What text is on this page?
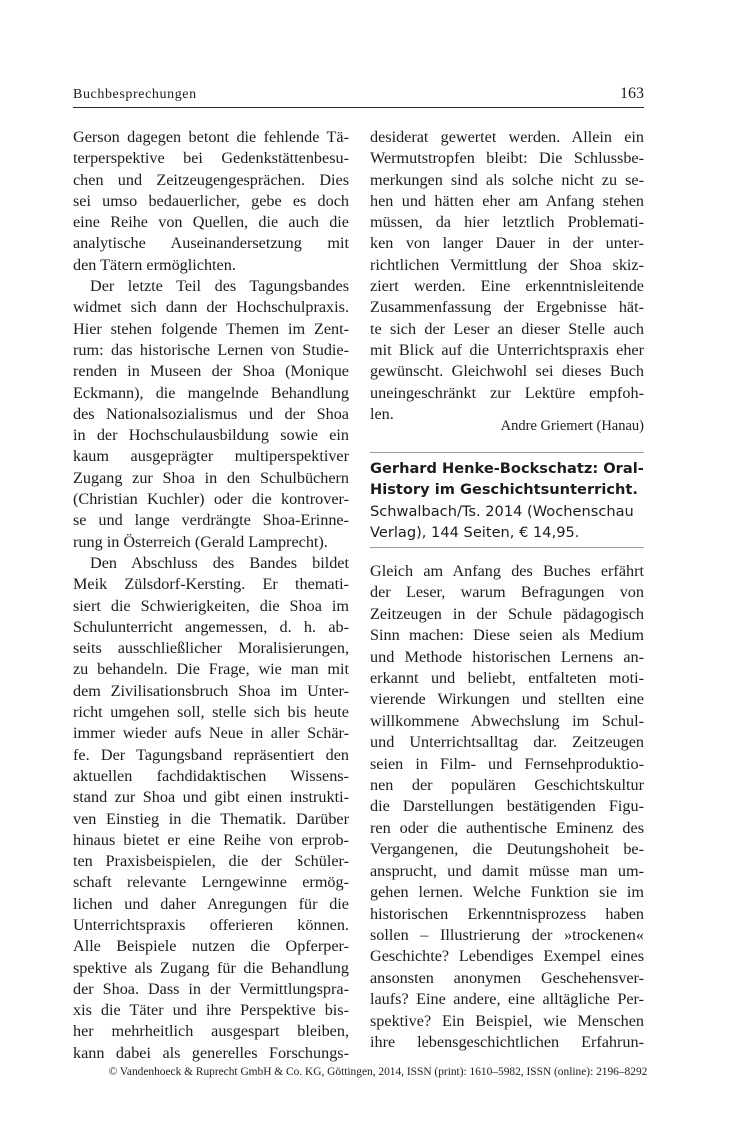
Buchbesprechungen	163
Gerson dagegen betont die fehlende Tä-
terperspektive bei Gedenkstättenbesu-
chen und Zeitzeugengesprächen. Dies
sei umso bedauerlicher, gebe es doch
eine Reihe von Quellen, die auch die
analytische Auseinandersetzung mit
den Tätern ermöglichten.
Der letzte Teil des Tagungsbandes
widmet sich dann der Hochschulpraxis.
Hier stehen folgende Themen im Zent-
rum: das historische Lernen von Studie-
renden in Museen der Shoa (Monique
Eckmann), die mangelnde Behandlung
des Nationalsozialismus und der Shoa
in der Hochschulausbildung sowie ein
kaum ausgeprägter multiperspektiver
Zugang zur Shoa in den Schulbüchern
(Christian Kuchler) oder die kontrover-
se und lange verdrängte Shoa-Erinne-
rung in Österreich (Gerald Lamprecht).
Den Abschluss des Bandes bildet
Meik Zülsdorf-Kersting. Er themati-
siert die Schwierigkeiten, die Shoa im
Schulunterricht angemessen, d. h. ab-
seits ausschließlicher Moralisierungen,
zu behandeln. Die Frage, wie man mit
dem Zivilisationsbruch Shoa im Unter-
richt umgehen soll, stelle sich bis heute
immer wieder aufs Neue in aller Schär-
fe. Der Tagungsband repräsentiert den
aktuellen fachdidaktischen Wissens-
stand zur Shoa und gibt einen instrukti-
ven Einstieg in die Thematik. Darüber
hinaus bietet er eine Reihe von erprob-
ten Praxisbeispielen, die der Schüler-
schaft relevante Lerngewinne ermög-
lichen und daher Anregungen für die
Unterrichtspraxis offerieren können.
Alle Beispiele nutzen die Opferper-
spektive als Zugang für die Behandlung
der Shoa. Dass in der Vermittlungspra-
xis die Täter und ihre Perspektive bis-
her mehrheitlich ausgespart bleiben,
kann dabei als generelles Forschungs-
desiderat gewertet werden. Allein ein
Wermutstropfen bleibt: Die Schlussbe-
merkungen sind als solche nicht zu se-
hen und hätten eher am Anfang stehen
müssen, da hier letztlich Problemati-
ken von langer Dauer in der unter-
richtlichen Vermittlung der Shoa skiz-
ziert werden. Eine erkenntnisleitende
Zusammenfassung der Ergebnisse hät-
te sich der Leser an dieser Stelle auch
mit Blick auf die Unterrichtspraxis eher
gewünscht. Gleichwohl sei dieses Buch
uneingeschränkt zur Lektüre empfoh-
len.
Andre Griemert (Hanau)
Gerhard Henke-Bockschatz: Oral-
History im Geschichtsunterricht.
Schwalbach/Ts. 2014 (Wochenschau
Verlag), 144 Seiten, € 14,95.
Gleich am Anfang des Buches erfährt
der Leser, warum Befragungen von
Zeitzeugen in der Schule pädagogisch
Sinn machen: Diese seien als Medium
und Methode historischen Lernens an-
erkannt und beliebt, entfalteten moti-
vierende Wirkungen und stellten eine
willkommene Abwechslung im Schul-
und Unterrichtsalltag dar. Zeitzeugen
seien in Film- und Fernsehproduktio-
nen der populären Geschichtskultur
die Darstellungen bestätigenden Figu-
ren oder die authentische Eminenz des
Vergangenen, die Deutungshoheit be-
ansprucht, und damit müsse man um-
gehen lernen. Welche Funktion sie im
historischen Erkenntnisprozess haben
sollen – Illustrierung der »trockenen«
Geschichte? Lebendiges Exempel eines
ansonsten anonymen Geschehensver-
laufs? Eine andere, eine alltägliche Per-
spektive? Ein Beispiel, wie Menschen
ihre lebensgeschichtlichen Erfahrun-
© Vandenhoeck & Ruprecht GmbH & Co. KG, Göttingen, 2014, ISSN (print): 1610–5982, ISSN (online): 2196–8292
